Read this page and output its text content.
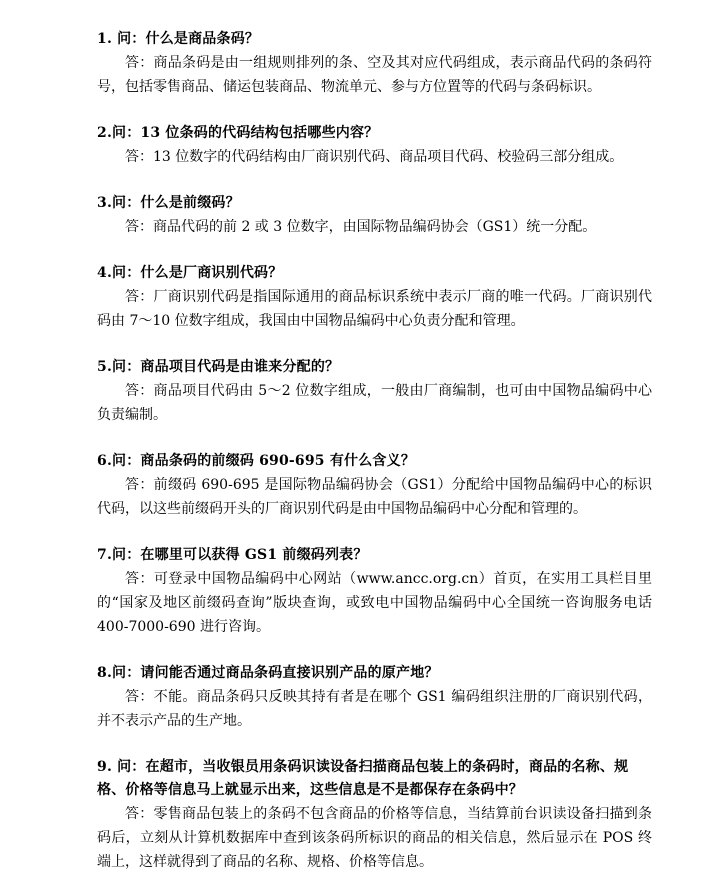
1. 问：什么是商品条码？

答：商品条码是由一组规则排列的条、空及其对应代码组成，表示商品代码的条码符号，包括零售商品、储运包装商品、物流单元、参与方位置等的代码与条码标识。

2.问：13 位条码的代码结构包括哪些内容？

答：13 位数字的代码结构由厂商识别代码、商品项目代码、校验码三部分组成。

3.问：什么是前缀码？

答：商品代码的前 2 或 3 位数字，由国际物品编码协会（GS1）统一分配。

4.问：什么是厂商识别代码？

答：厂商识别代码是指国际通用的商品标识系统中表示厂商的唯一代码。厂商识别代码由 7～10 位数字组成，我国由中国物品编码中心负责分配和管理。

5.问：商品项目代码是由谁来分配的？

答：商品项目代码由 5～2 位数字组成，一般由厂商编制，也可由中国物品编码中心负责编制。

6.问：商品条码的前缀码 690-695 有什么含义？

答：前缀码 690-695 是国际物品编码协会（GS1）分配给中国物品编码中心的标识代码，以这些前缀码开头的厂商识别代码是由中国物品编码中心分配和管理的。

7.问：在哪里可以获得 GS1 前缀码列表？

答：可登录中国物品编码中心网站（www.ancc.org.cn）首页，在实用工具栏目里的“国家及地区前缀码查询”版块查询，或致电中国物品编码中心全国统一咨询服务电话 400-7000-690 进行咨询。

8.问：请问能否通过商品条码直接识别产品的原产地？

答：不能。商品条码只反映其持有者是在哪个 GS1 编码组织注册的厂商识别代码，并不表示产品的生产地。

9. 问：在超市，当收银员用条码识读设备扫描商品包装上的条码时，商品的名称、规格、价格等信息马上就显示出来，这些信息是不是都保存在条码中？

答：零售商品包装上的条码不包含商品的价格等信息，当结算前台识读设备扫描到条码后，立刻从计算机数据库中查到该条码所标识的商品的相关信息，然后显示在 POS 终端上，这样就得到了商品的名称、规格、价格等信息。
